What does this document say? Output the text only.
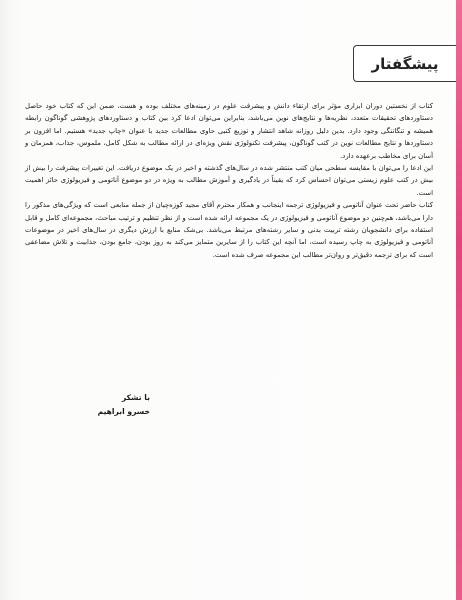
پیشگفتار

کتاب از نخستین دوران ابزاری مؤثر برای ارتقاء دانش و پیشرفت علوم در زمینه‌های مختلف بوده و هست، ضمن این که کتاب خود حاصل دستاوردهای تحقیقات متعدد، نظریه‌ها و نتایج‌های نوین می‌باشد، بنابراین می‌توان ادعا کرد بین کتاب و دستاوردهای پژوهشی گوناگون رابطه همیشه و تنگاتنگی وجود دارد. بدین دلیل روزانه شاهد انتشار و توزیع کتبی حاوی مطالعات جدید با عنوان «چاپ جدید» هستیم. اما افزون بر دستاوردها و نتایج مطالعات نوین در کتب گوناگون، پیشرفت تکنولوژی نقش ویژه‌ای در ارائه مطالب به شکل کامل، ملموس، جذاب، همزمان و آسان برای مخاطب برعهده دارد.

این ادعا را می‌توان با مقایسه سطحی میان کتب منتشر شده در سال‌های گذشته و اخیر در یک موضوع دریافت. این تغییرات پیشرفت را بیش از بیش در کتب علوم زیستی می‌توان احساس کرد که یقیناً در یادگیری و آموزش مطالب به ویژه در دو موضوع آناتومی و فیزیولوژی حائز اهمیت است.

کتاب حاضر تحت عنوان آناتومی و فیزیولوژی ترجمه اینجانب و همکار محترم آقای مجید کوزه‌چیان از جمله منابعی است که ویژگی‌های مذکور را دارا می‌باشد، هم‌چنین دو موضوع آناتومی و فیزیولوژی در یک مجموعه ارائه شده است و از نظر تنظیم و ترتیب مباحث، مجموعه‌ای کامل و قابل استفاده برای دانشجویان رشته تربیت بدنی و سایر رشته‌های مرتبط می‌باشد. بی‌شک منابع با ارزش دیگری در سال‌های اخیر در موضوعات آناتومی و فیزیولوژی به چاپ رسیده است، اما آنچه این کتاب را از سایرین متمایز می‌کند به روز بودن، جامع بودن، جذابیت و تلاش مضاعفی است که برای ترجمه دقیق‌تر و روان‌تر مطالب این مجموعه صرف شده است.

با تشکر
خسرو ابراهیم
